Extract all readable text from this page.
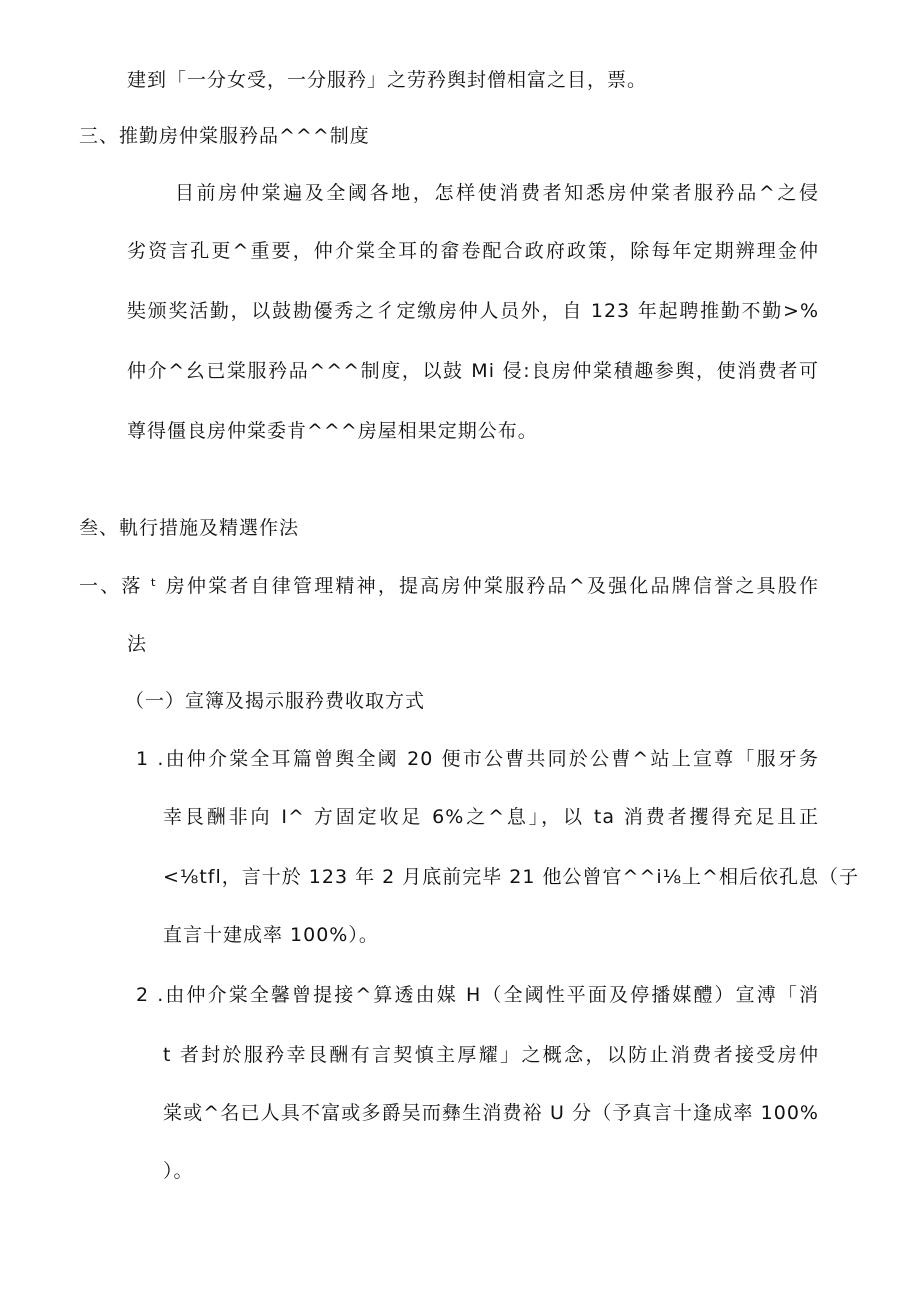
建到「一分女受，一分服矜」之劳矜舆封僧相富之目，票。
三、推勤房仲棠服矜品^^^制度
目前房仲棠遍及全阈各地，怎样使消费者知悉房仲棠者服矜品^之侵
劣资言孔更^重要，仲介棠全耳的畲卷配合政府政策，除每年定期辨理金仲
奘颁奖活勤，以鼓勘優秀之彳定缴房仲人员外，自 123 年起聘推勤不勤>%
仲介^幺已棠服矜品^^^制度，以鼓 Mi 侵:良房仲棠積趣参舆，使消费者可
尊得僵良房仲棠委肯^^^房屋相果定期公布。
叁、軌行措施及精選作法
一、落 ᵗ 房仲棠者自律管理精神，提高房仲棠服矜品^及强化品牌信誉之具股作
法
（一）宣簿及揭示服矜费收取方式
1 .由仲介棠全耳篇曾舆全阈 20 便市公曹共同於公曹^站上宣尊「服牙务
幸艮酬非向 I^ 方固定收足 6%之^息」，以 ta 消费者攫得充足且正
<⅛tfl，言十於 123 年 2 月底前完毕 21 他公曾官^^i⅛上^相后依孔息（子
直言十建成率 100%）。
2 .由仲介棠全馨曾提接^算透由媒 H（全阈性平面及停播媒醴）宣溥「消
t 者封於服矜幸艮酬有言契慎主厚耀」之概念，以防止消费者接受房仲
棠或^名已人具不富或多爵吴而彝生消费裕 U 分（予真言十逢成率 100%
）。
